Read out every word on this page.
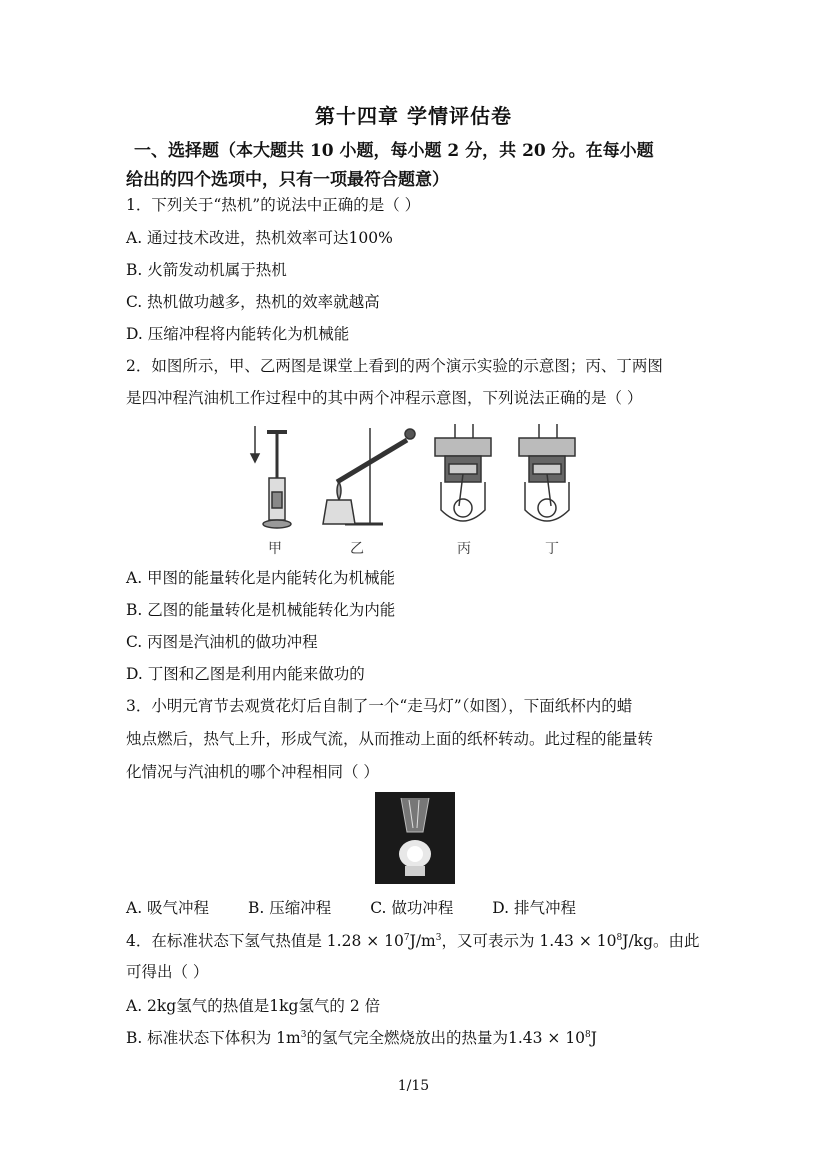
第十四章 学情评估卷
一、选择题（本大题共 10 小题，每小题 2 分，共 20 分。在每小题
给出的四个选项中，只有一项最符合题意）
1．下列关于“热机”的说法中正确的是（ ）
A. 通过技术改进，热机效率可达100%
B. 火箭发动机属于热机
C. 热机做功越多，热机的效率就越高
D. 压缩冲程将内能转化为机械能
2．如图所示，甲、乙两图是课堂上看到的两个演示实验的示意图；丙、丁两图
是四冲程汽油机工作过程中的其中两个冲程示意图，下列说法正确的是（ ）
甲	乙	丙	丁
A. 甲图的能量转化是内能转化为机械能
B. 乙图的能量转化是机械能转化为内能
C. 丙图是汽油机的做功冲程
D. 丁图和乙图是利用内能来做功的
3．小明元宵节去观赏花灯后自制了一个“走马灯”（如图），下面纸杯内的蜡
烛点燃后，热气上升，形成气流，从而推动上面的纸杯转动。此过程的能量转
化情况与汽油机的哪个冲程相同（ ）
A. 吸气冲程	B. 压缩冲程	C. 做功冲程	D. 排气冲程
4．在标准状态下氢气热值是 $1.28 \times 10^7J/m^3$，又可表示为 $1.43 \times 10^8J/kg$。由此
可得出（ ）
A. 2kg氢气的热值是1kg氢气的 2 倍
B. 标准状态下体积为 $1m^3$的氢气完全燃烧放出的热量为$1.43 \times 10^8J$
1/15
